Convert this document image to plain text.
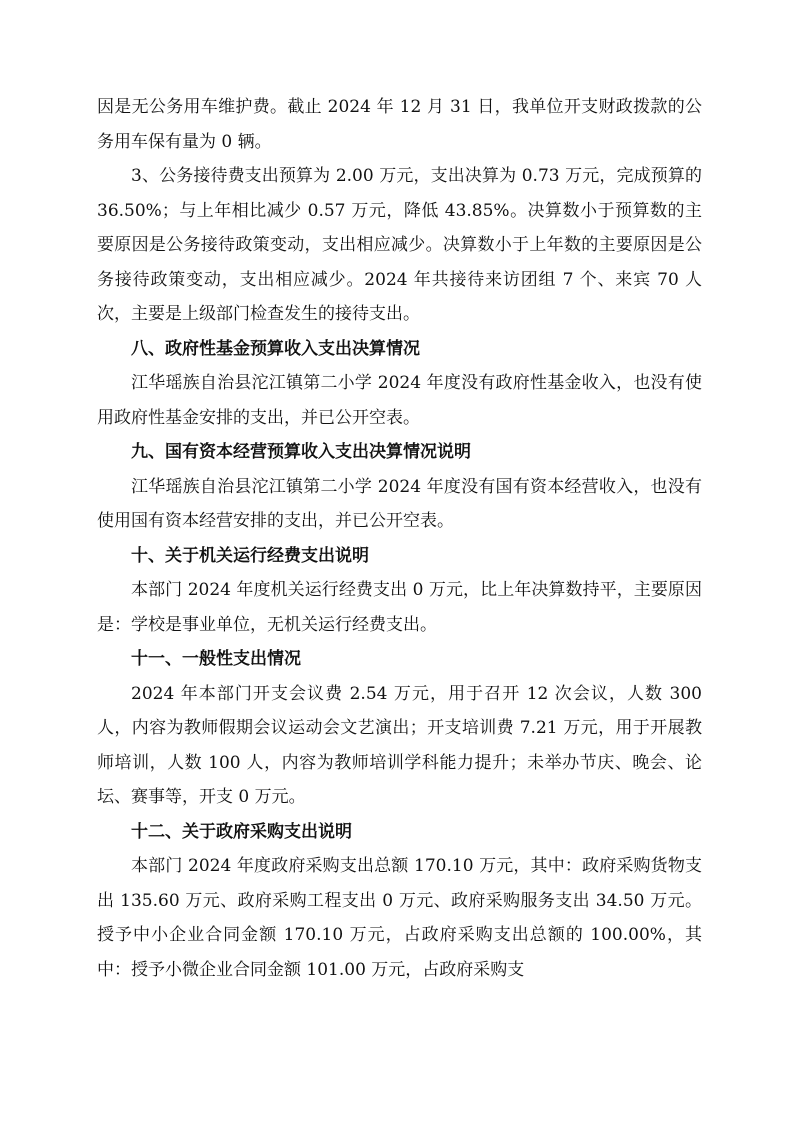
因是无公务用车维护费。截止 2024 年 12 月 31 日，我单位开支财政拨款的公务用车保有量为 0 辆。

3、公务接待费支出预算为 2.00 万元，支出决算为 0.73 万元，完成预算的 36.50%；与上年相比减少 0.57 万元，降低 43.85%。决算数小于预算数的主要原因是公务接待政策变动，支出相应减少。决算数小于上年数的主要原因是公务接待政策变动，支出相应减少。2024 年共接待来访团组 7 个、来宾 70 人次，主要是上级部门检查发生的接待支出。

八、政府性基金预算收入支出决算情况

江华瑶族自治县沱江镇第二小学 2024 年度没有政府性基金收入，也没有使用政府性基金安排的支出，并已公开空表。

九、国有资本经营预算收入支出决算情况说明

江华瑶族自治县沱江镇第二小学 2024 年度没有国有资本经营收入，也没有使用国有资本经营安排的支出，并已公开空表。

十、关于机关运行经费支出说明

本部门 2024 年度机关运行经费支出 0 万元，比上年决算数持平，主要原因是：学校是事业单位，无机关运行经费支出。

十一、一般性支出情况

2024 年本部门开支会议费 2.54 万元，用于召开 12 次会议，人数 300 人，内容为教师假期会议运动会文艺演出；开支培训费 7.21 万元，用于开展教师培训，人数 100 人，内容为教师培训学科能力提升；未举办节庆、晚会、论坛、赛事等，开支 0 万元。

十二、关于政府采购支出说明

本部门 2024 年度政府采购支出总额 170.10 万元，其中：政府采购货物支出 135.60 万元、政府采购工程支出 0 万元、政府采购服务支出 34.50 万元。授予中小企业合同金额 170.10 万元，占政府采购支出总额的 100.00%，其中：授予小微企业合同金额 101.00 万元，占政府采购支
